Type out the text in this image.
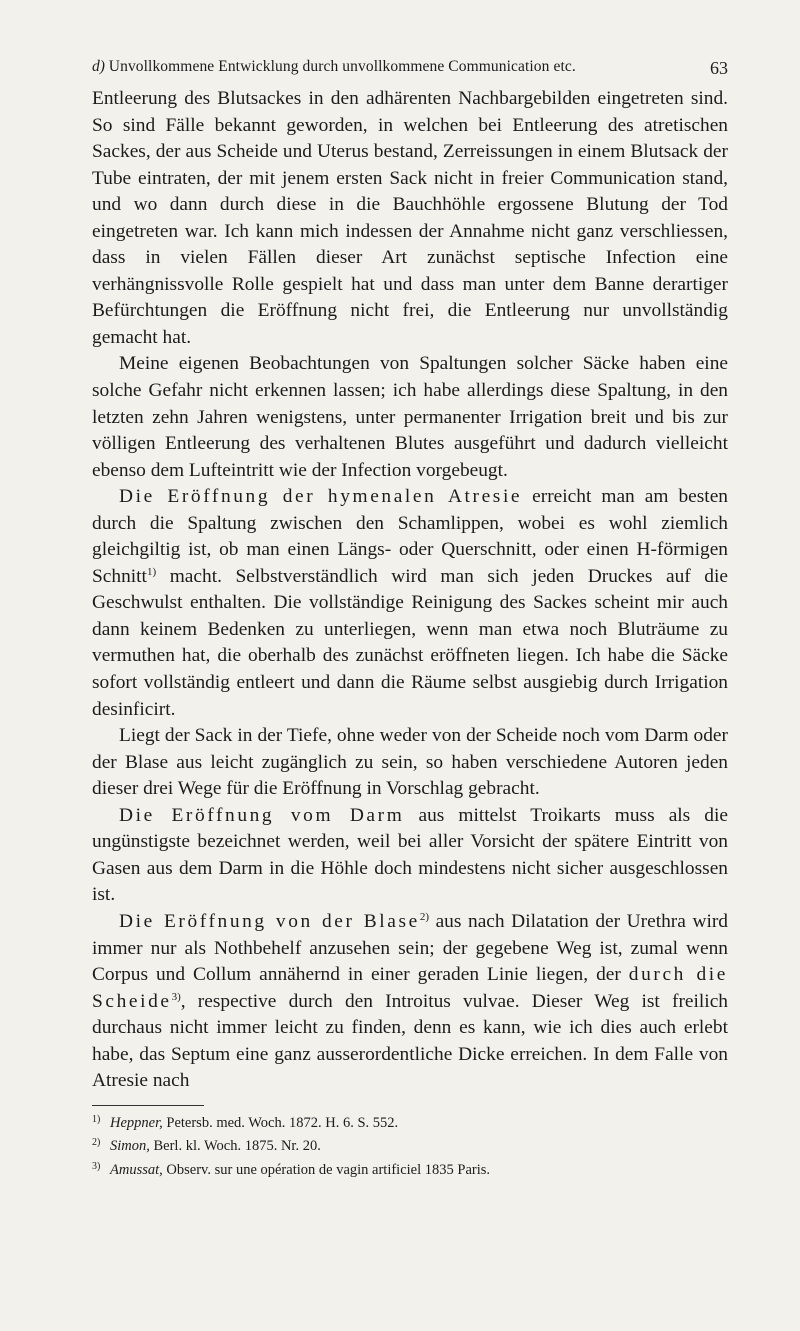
d) Unvollkommene Entwicklung durch unvollkommene Communication etc.	63

Entleerung des Blutsackes in den adhärenten Nachbargebilden eingetreten sind. So sind Fälle bekannt geworden, in welchen bei Entleerung des atretischen Sackes, der aus Scheide und Uterus bestand, Zerreissungen in einem Blutsack der Tube eintraten, der mit jenem ersten Sack nicht in freier Communication stand, und wo dann durch diese in die Bauchhöhle ergossene Blutung der Tod eingetreten war. Ich kann mich indessen der Annahme nicht ganz verschliessen, dass in vielen Fällen dieser Art zunächst septische Infection eine verhängnissvolle Rolle gespielt hat und dass man unter dem Banne derartiger Befürchtungen die Eröffnung nicht frei, die Entleerung nur unvollständig gemacht hat.

Meine eigenen Beobachtungen von Spaltungen solcher Säcke haben eine solche Gefahr nicht erkennen lassen; ich habe allerdings diese Spaltung, in den letzten zehn Jahren wenigstens, unter permanenter Irrigation breit und bis zur völligen Entleerung des verhaltenen Blutes ausgeführt und dadurch vielleicht ebenso dem Lufteintritt wie der Infection vorgebeugt.

Die Eröffnung der hymenalen Atresie erreicht man am besten durch die Spaltung zwischen den Schamlippen, wobei es wohl ziemlich gleichgiltig ist, ob man einen Längs- oder Querschnitt, oder einen H-förmigen Schnitt$^{1)}$ macht. Selbstverständlich wird man sich jeden Druckes auf die Geschwulst enthalten. Die vollständige Reinigung des Sackes scheint mir auch dann keinem Bedenken zu unterliegen, wenn man etwa noch Bluträume zu vermuthen hat, die oberhalb des zunächst eröffneten liegen. Ich habe die Säcke sofort vollständig entleert und dann die Räume selbst ausgiebig durch Irrigation desinficirt.

Liegt der Sack in der Tiefe, ohne weder von der Scheide noch vom Darm oder der Blase aus leicht zugänglich zu sein, so haben verschiedene Autoren jeden dieser drei Wege für die Eröffnung in Vorschlag gebracht.

Die Eröffnung vom Darm aus mittelst Troikarts muss als die ungünstigste bezeichnet werden, weil bei aller Vorsicht der spätere Eintritt von Gasen aus dem Darm in die Höhle doch mindestens nicht sicher ausgeschlossen ist.

Die Eröffnung von der Blase$^{2)}$ aus nach Dilatation der Urethra wird immer nur als Nothbehelf anzusehen sein; der gegebene Weg ist, zumal wenn Corpus und Collum annähernd in einer geraden Linie liegen, der durch die Scheide$^{3)}$, respective durch den Introitus vulvae. Dieser Weg ist freilich durchaus nicht immer leicht zu finden, denn es kann, wie ich dies auch erlebt habe, das Septum eine ganz ausserordentliche Dicke erreichen. In dem Falle von Atresie nach

1) Heppner, Petersb. med. Woch. 1872. H. 6. S. 552.
2) Simon, Berl. kl. Woch. 1875. Nr. 20.
3) Amussat, Observ. sur une opération de vagin artificiel 1835 Paris.
